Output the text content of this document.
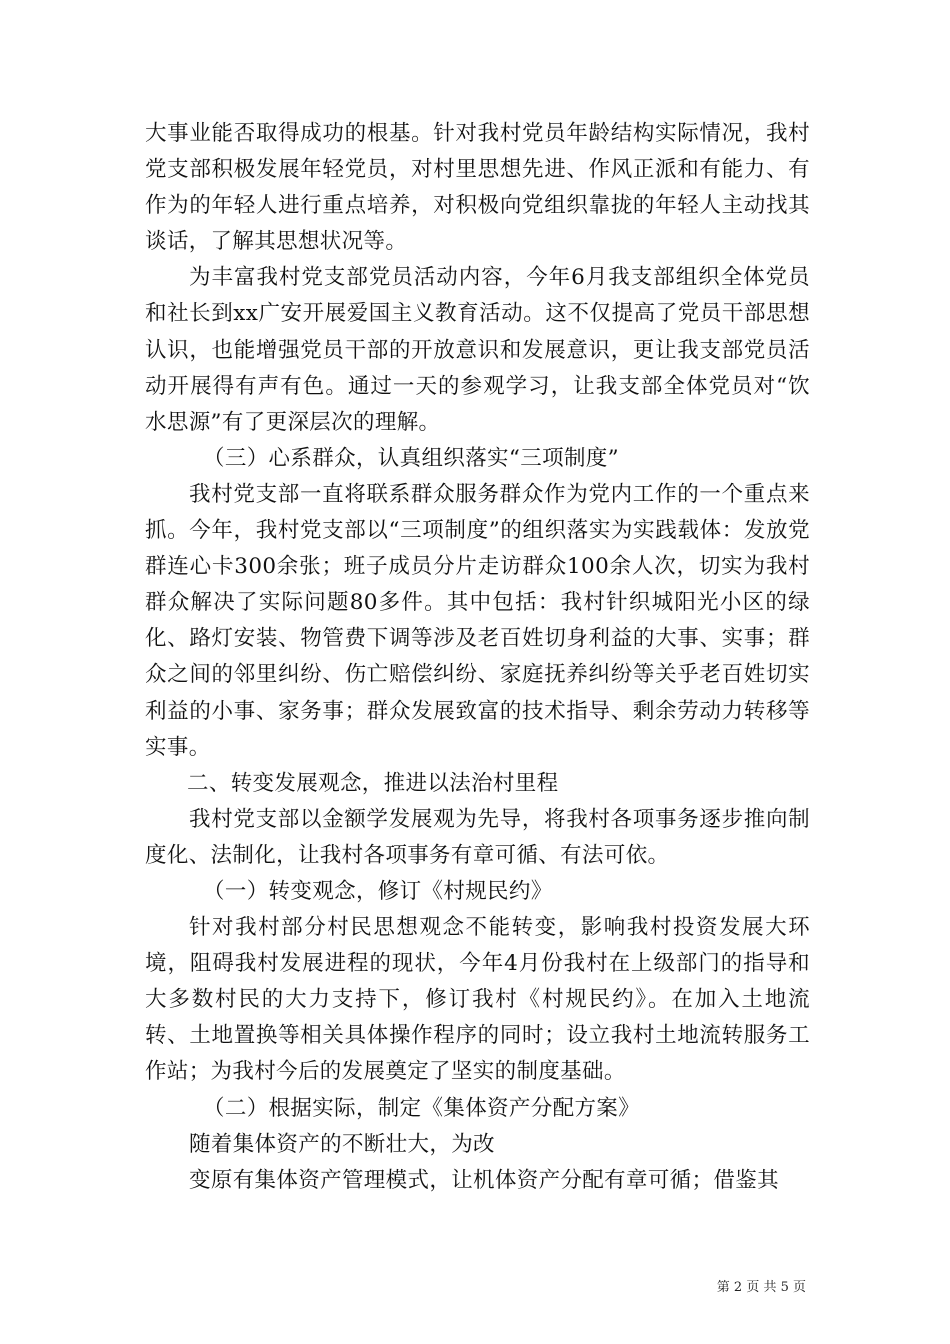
大事业能否取得成功的根基。针对我村党员年龄结构实际情况，我村党支部积极发展年轻党员，对村里思想先进、作风正派和有能力、有作为的年轻人进行重点培养，对积极向党组织靠拢的年轻人主动找其谈话，了解其思想状况等。

为丰富我村党支部党员活动内容，今年6月我支部组织全体党员和社长到xx广安开展爱国主义教育活动。这不仅提高了党员干部思想认识，也能增强党员干部的开放意识和发展意识，更让我支部党员活动开展得有声有色。通过一天的参观学习，让我支部全体党员对“饮水思源”有了更深层次的理解。

（三）心系群众，认真组织落实“三项制度”

我村党支部一直将联系群众服务群众作为党内工作的一个重点来抓。今年，我村党支部以“三项制度”的组织落实为实践载体：发放党群连心卡300余张；班子成员分片走访群众100余人次，切实为我村群众解决了实际问题80多件。其中包括：我村针织城阳光小区的绿化、路灯安装、物管费下调等涉及老百姓切身利益的大事、实事；群众之间的邻里纠纷、伤亡赔偿纠纷、家庭抚养纠纷等关乎老百姓切实利益的小事、家务事；群众发展致富的技术指导、剩余劳动力转移等实事。

二、转变发展观念，推进以法治村里程

我村党支部以金额学发展观为先导，将我村各项事务逐步推向制度化、法制化，让我村各项事务有章可循、有法可依。

（一）转变观念，修订《村规民约》

针对我村部分村民思想观念不能转变，影响我村投资发展大环境，阻碍我村发展进程的现状，今年4月份我村在上级部门的指导和大多数村民的大力支持下，修订我村《村规民约》。在加入土地流转、土地置换等相关具体操作程序的同时；设立我村土地流转服务工作站；为我村今后的发展奠定了坚实的制度基础。

（二）根据实际，制定《集体资产分配方案》

随着集体资产的不断壮大，为改

变原有集体资产管理模式，让机体资产分配有章可循；借鉴其

第 2 页 共 5 页
